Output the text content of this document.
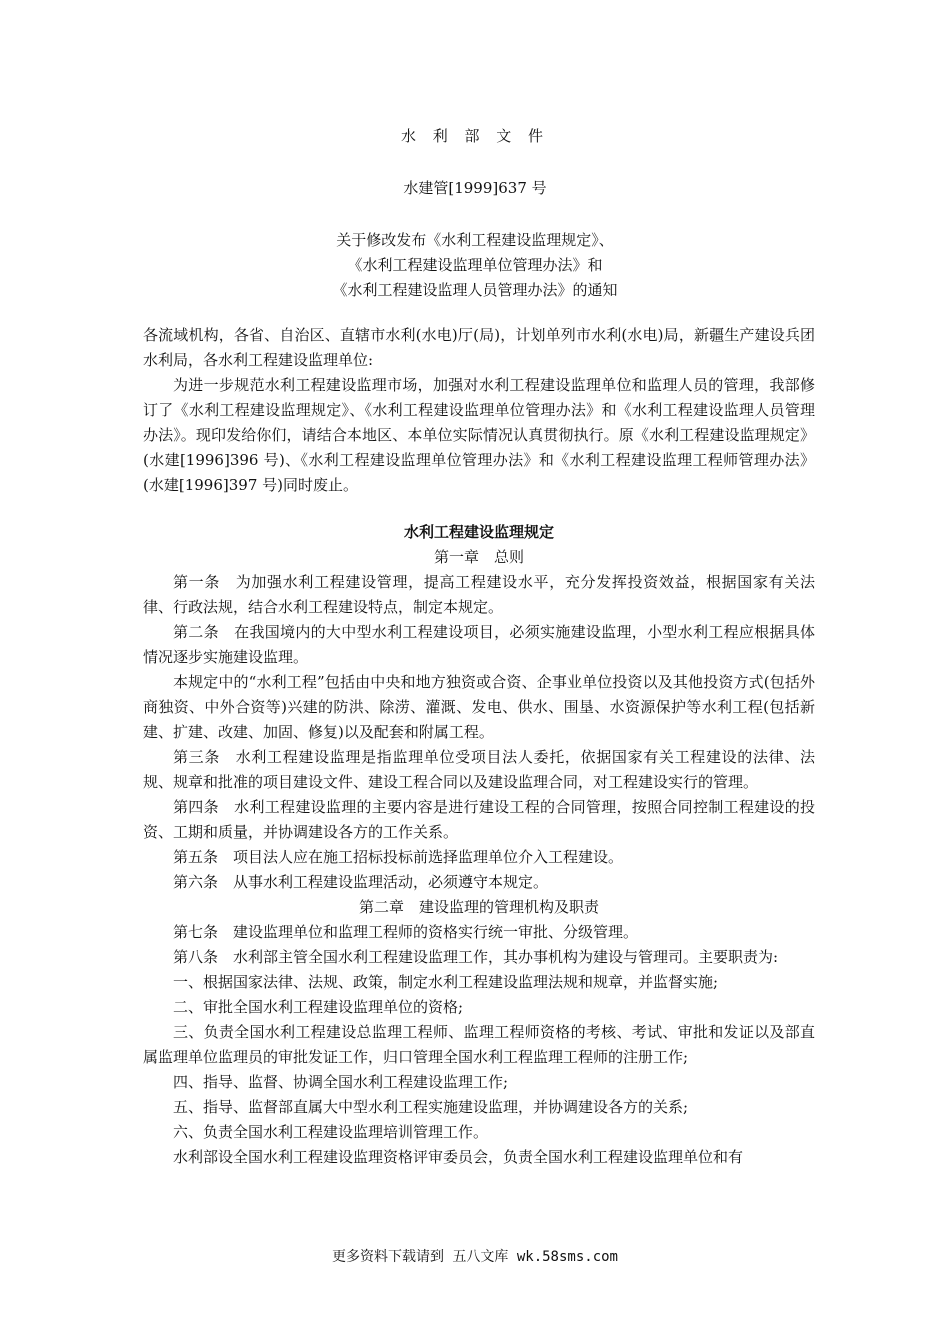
水 利 部 文 件
水建管[1999]637 号
关于修改发布《水利工程建设监理规定》、
《水利工程建设监理单位管理办法》和
《水利工程建设监理人员管理办法》的通知

各流域机构，各省、自治区、直辖市水利(水电)厅(局)，计划单列市水利(水电)局，新疆生产建设兵团水利局，各水利工程建设监理单位:

为进一步规范水利工程建设监理市场，加强对水利工程建设监理单位和监理人员的管理，我部修订了《水利工程建设监理规定》、《水利工程建设监理单位管理办法》和《水利工程建设监理人员管理办法》。现印发给你们，请结合本地区、本单位实际情况认真贯彻执行。原《水利工程建设监理规定》(水建[1996]396 号)、《水利工程建设监理单位管理办法》和《水利工程建设监理工程师管理办法》(水建[1996]397 号)同时废止。

水利工程建设监理规定

第一章　总则

第一条　为加强水利工程建设管理，提高工程建设水平，充分发挥投资效益，根据国家有关法律、行政法规，结合水利工程建设特点，制定本规定。

第二条　在我国境内的大中型水利工程建设项目，必须实施建设监理，小型水利工程应根据具体情况逐步实施建设监理。

本规定中的“水利工程”包括由中央和地方独资或合资、企事业单位投资以及其他投资方式(包括外商独资、中外合资等)兴建的防洪、除涝、灌溉、发电、供水、围垦、水资源保护等水利工程(包括新建、扩建、改建、加固、修复)以及配套和附属工程。

第三条　水利工程建设监理是指监理单位受项目法人委托，依据国家有关工程建设的法律、法规、规章和批准的项目建设文件、建设工程合同以及建设监理合同，对工程建设实行的管理。

第四条　水利工程建设监理的主要内容是进行建设工程的合同管理，按照合同控制工程建设的投资、工期和质量，并协调建设各方的工作关系。

第五条　项目法人应在施工招标投标前选择监理单位介入工程建设。

第六条　从事水利工程建设监理活动，必须遵守本规定。

第二章　建设监理的管理机构及职责

第七条　建设监理单位和监理工程师的资格实行统一审批、分级管理。

第八条　水利部主管全国水利工程建设监理工作，其办事机构为建设与管理司。主要职责为:

一、根据国家法律、法规、政策，制定水利工程建设监理法规和规章，并监督实施;

二、审批全国水利工程建设监理单位的资格;

三、负责全国水利工程建设总监理工程师、监理工程师资格的考核、考试、审批和发证以及部直属监理单位监理员的审批发证工作，归口管理全国水利工程监理工程师的注册工作;

四、指导、监督、协调全国水利工程建设监理工作;

五、指导、监督部直属大中型水利工程实施建设监理，并协调建设各方的关系;

六、负责全国水利工程建设监理培训管理工作。

水利部设全国水利工程建设监理资格评审委员会，负责全国水利工程建设监理单位和有

更多资料下载请到 五八文库 wk.58sms.com
